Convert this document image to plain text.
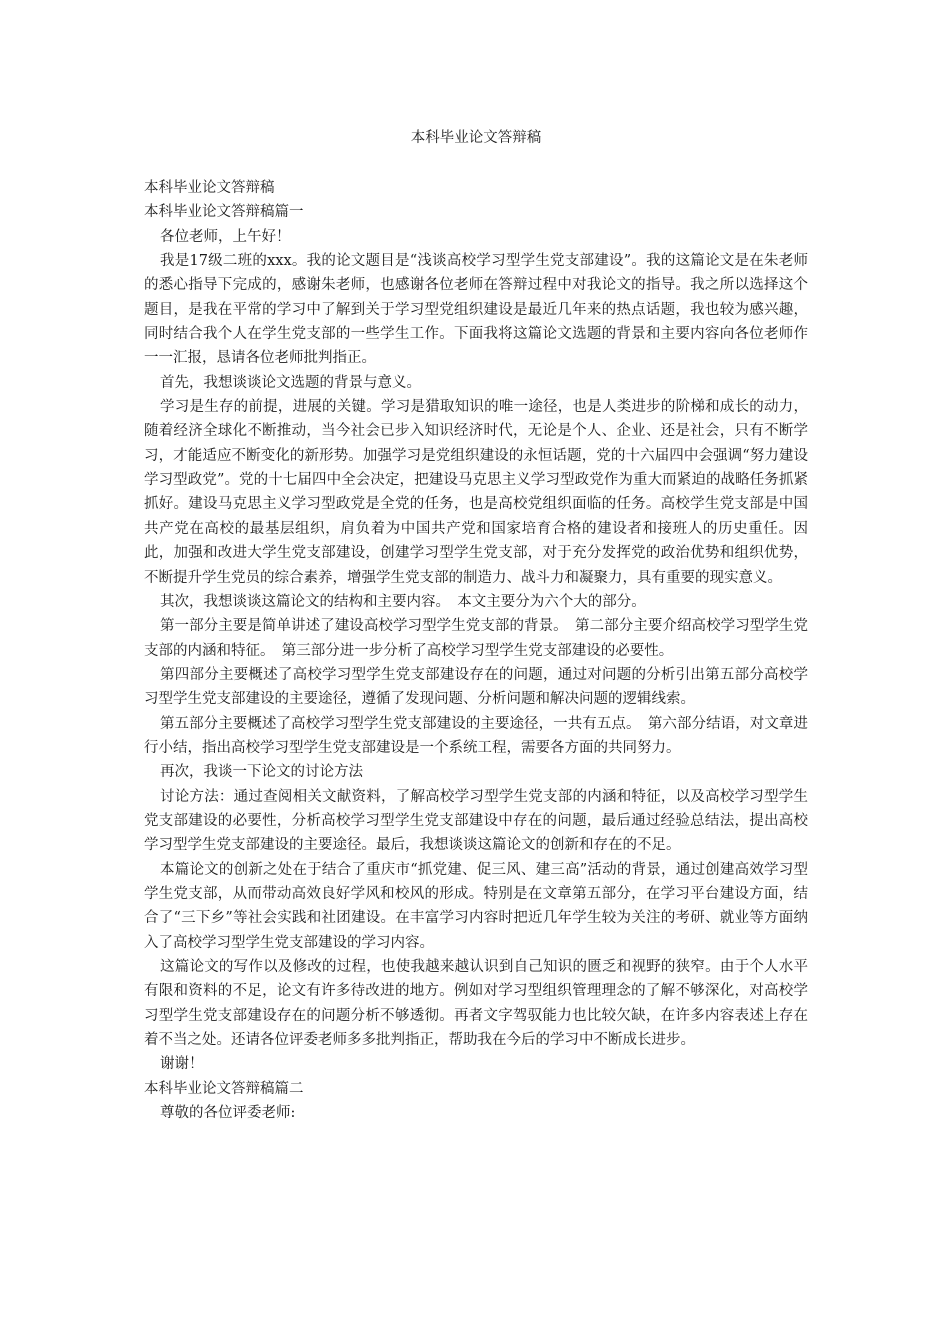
本科毕业论文答辩稿

本科毕业论文答辩稿

本科毕业论文答辩稿篇一

各位老师，上午好！

我是17级二班的xxx。我的论文题目是“浅谈高校学习型学生党支部建设”。我的这篇论文是在朱老师的悉心指导下完成的，感谢朱老师，也感谢各位老师在答辩过程中对我论文的指导。我之所以选择这个题目，是我在平常的学习中了解到关于学习型党组织建设是最近几年来的热点话题，我也较为感兴趣，同时结合我个人在学生党支部的一些学生工作。下面我将这篇论文选题的背景和主要内容向各位老师作一一汇报，恳请各位老师批判指正。

首先，我想谈谈论文选题的背景与意义。

学习是生存的前提，进展的关键。学习是猎取知识的唯一途径，也是人类进步的阶梯和成长的动力，随着经济全球化不断推动，当今社会已步入知识经济时代，无论是个人、企业、还是社会，只有不断学习，才能适应不断变化的新形势。加强学习是党组织建设的永恒话题，党的十六届四中会强调“努力建设学习型政党”。党的十七届四中全会决定，把建设马克思主义学习型政党作为重大而紧迫的战略任务抓紧抓好。建设马克思主义学习型政党是全党的任务，也是高校党组织面临的任务。高校学生党支部是中国共产党在高校的最基层组织，肩负着为中国共产党和国家培育合格的建设者和接班人的历史重任。因此，加强和改进大学生党支部建设，创建学习型学生党支部，对于充分发挥党的政治优势和组织优势，不断提升学生党员的综合素养，增强学生党支部的制造力、战斗力和凝聚力，具有重要的现实意义。

其次，我想谈谈这篇论文的结构和主要内容。　本文主要分为六个大的部分。

第一部分主要是简单讲述了建设高校学习型学生党支部的背景。　第二部分主要介绍高校学习型学生党支部的内涵和特征。　第三部分进一步分析了高校学习型学生党支部建设的必要性。

第四部分主要概述了高校学习型学生党支部建设存在的问题，通过对问题的分析引出第五部分高校学习型学生党支部建设的主要途径，遵循了发现问题、分析问题和解决问题的逻辑线索。

第五部分主要概述了高校学习型学生党支部建设的主要途径，一共有五点。　第六部分结语，对文章进行小结，指出高校学习型学生党支部建设是一个系统工程，需要各方面的共同努力。

再次，我谈一下论文的讨论方法

讨论方法：通过查阅相关文献资料，了解高校学习型学生党支部的内涵和特征，以及高校学习型学生党支部建设的必要性，分析高校学习型学生党支部建设中存在的问题，最后通过经验总结法，提出高校学习型学生党支部建设的主要途径。最后，我想谈谈这篇论文的创新和存在的不足。

本篇论文的创新之处在于结合了重庆市“抓党建、促三风、建三高”活动的背景，通过创建高效学习型学生党支部，从而带动高效良好学风和校风的形成。特别是在文章第五部分，在学习平台建设方面，结合了“三下乡”等社会实践和社团建设。在丰富学习内容时把近几年学生较为关注的考研、就业等方面纳入了高校学习型学生党支部建设的学习内容。

这篇论文的写作以及修改的过程，也使我越来越认识到自己知识的匮乏和视野的狭窄。由于个人水平有限和资料的不足，论文有许多待改进的地方。例如对学习型组织管理理念的了解不够深化，对高校学习型学生党支部建设存在的问题分析不够透彻。再者文字驾驭能力也比较欠缺，在许多内容表述上存在着不当之处。还请各位评委老师多多批判指正，帮助我在今后的学习中不断成长进步。

谢谢！

本科毕业论文答辩稿篇二

尊敬的各位评委老师:
